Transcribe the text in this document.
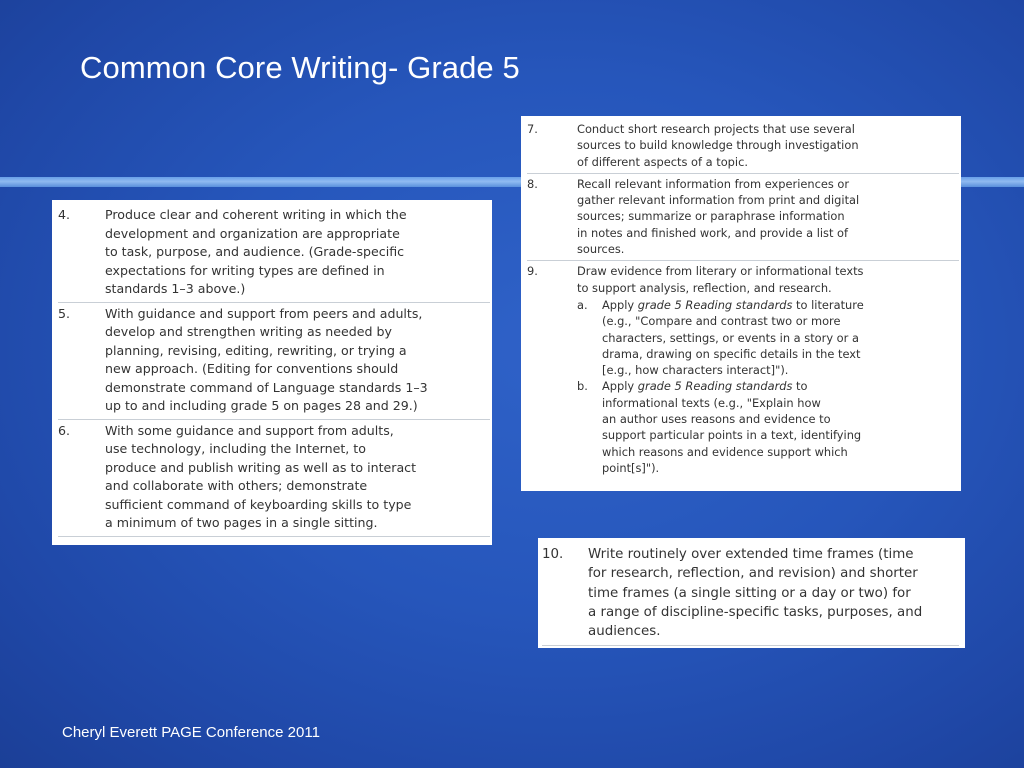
Common Core Writing- Grade 5
4.	Produce clear and coherent writing in which the
development and organization are appropriate
to task, purpose, and audience. (Grade-specific
expectations for writing types are defined in
standards 1–3 above.)
5.	With guidance and support from peers and adults,
develop and strengthen writing as needed by
planning, revising, editing, rewriting, or trying a
new approach. (Editing for conventions should
demonstrate command of Language standards 1–3
up to and including grade 5 on pages 28 and 29.)
6.	With some guidance and support from adults,
use technology, including the Internet, to
produce and publish writing as well as to interact
and collaborate with others; demonstrate
sufficient command of keyboarding skills to type
a minimum of two pages in a single sitting.
7.	Conduct short research projects that use several
sources to build knowledge through investigation
of different aspects of a topic.
8.	Recall relevant information from experiences or
gather relevant information from print and digital
sources; summarize or paraphrase information
in notes and finished work, and provide a list of
sources.
9.	Draw evidence from literary or informational texts
to support analysis, reflection, and research.
a.	Apply grade 5 Reading standards to literature
(e.g., "Compare and contrast two or more
characters, settings, or events in a story or a
drama, drawing on specific details in the text
[e.g., how characters interact]").
b.	Apply grade 5 Reading standards to
informational texts (e.g., "Explain how
an author uses reasons and evidence to
support particular points in a text, identifying
which reasons and evidence support which
point[s]").
10.	Write routinely over extended time frames (time
for research, reflection, and revision) and shorter
time frames (a single sitting or a day or two) for
a range of discipline-specific tasks, purposes, and
audiences.
Cheryl Everett PAGE Conference 2011
